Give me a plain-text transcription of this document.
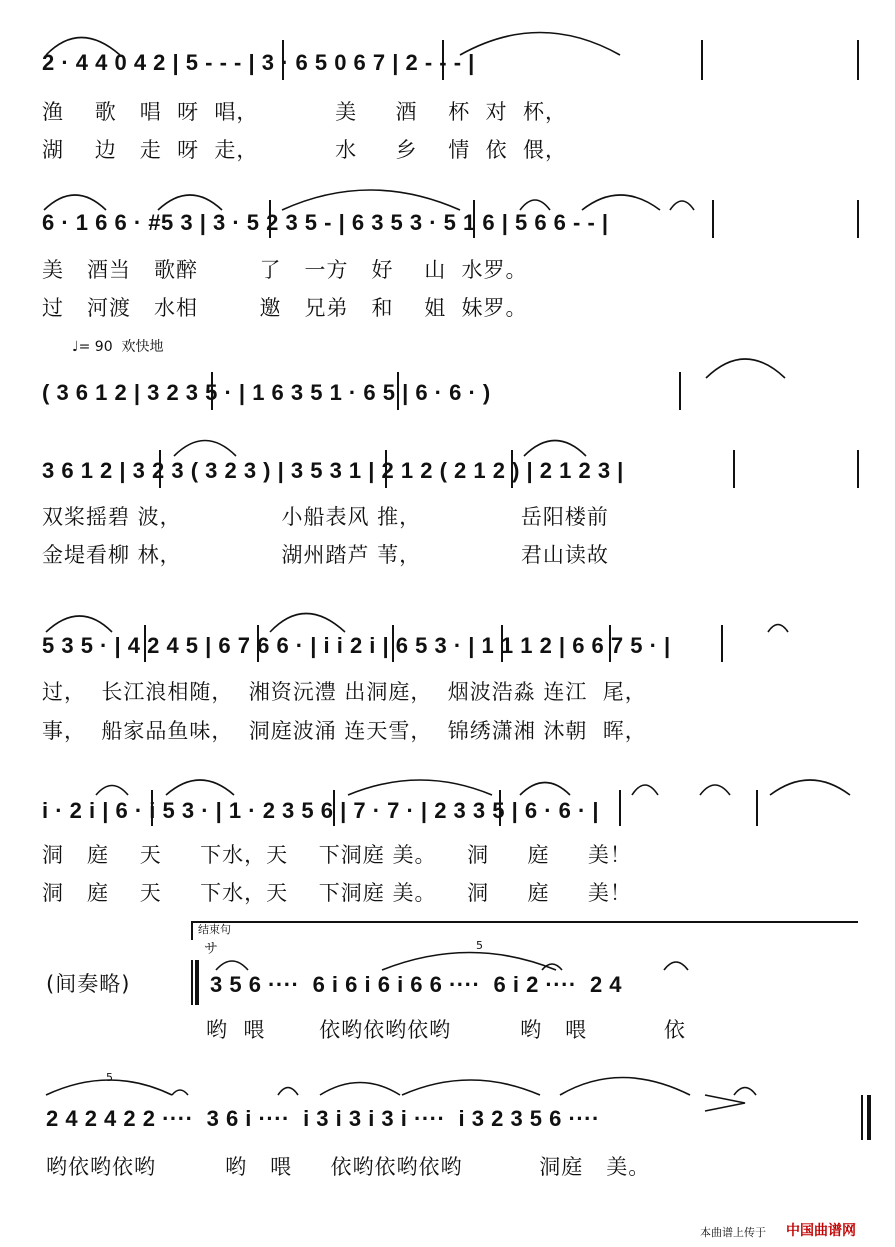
2 · 4 4 0 4 2 | 5 - - - | 3 · 6 5 0 6 7 | 2 - - - |
渔    歌   唱  呀  唱，          美     酒    杯  对  杯，
湖    边   走  呀  走，          水     乡    情  依  偎，
6 · 1 6 6 · #5 3 | 3 · 5 2 3 5 - | 6 3 5 3 · 5 1 6 | 5 6 6 - - |
美   酒当   歌醉        了   一方   好    山  水罗。
过   河渡   水相        邀   兄弟   和    姐  妹罗。
♩= 90  欢快地
( 3 6 1 2 | 3 2 3 5 · | 1 6 3 5 1 · 6 5 | 6 · 6 · )
3 6 1 2 | 3 2 3 ( 3 2 3 ) | 3 5 3 1 | 2 1 2 ( 2 1 2 ) | 2 1 2 3 |
双桨摇碧 波，             小船表风 推，             岳阳楼前
金堤看柳 林，             湖州踏芦 苇，             君山读故
5 3 5 · | 4 2 4 5 | 6 7 6 6 · | i i 2 i | 6 5 3 · | 1 1 1 2 | 6 6 7 5 · |
过，  长江浪相随，  湘资沅澧 出洞庭，  烟波浩淼 连江  尾，
事，  船家品鱼味，  洞庭波涌 连天雪，  锦绣潇湘 沐朝  晖，
i · 2 i | 6 · i 5 3 · | 1 · 2 3 5 6 | 7 · 7 · | 2 3 3 5 | 6 · 6 · |
洞   庭    天     下水，天    下洞庭 美。    洞     庭     美！
洞   庭    天     下水，天    下洞庭 美。    洞     庭     美！
结束句
サ
(间奏略)
5
3 5 6 ····  6 i 6 i 6 i 6 6 ····  6 i 2 ····  2 4
哟  喂       依哟依哟依哟         哟   喂          依
5
2 4 2 4 2 2 ····  3 6 i ····  i 3 i 3 i 3 i ····  i 3 2 3 5 6 ····
哟依哟依哟         哟   喂     依哟依哟依哟          洞庭   美。
本曲谱上传于 中国曲谱网
